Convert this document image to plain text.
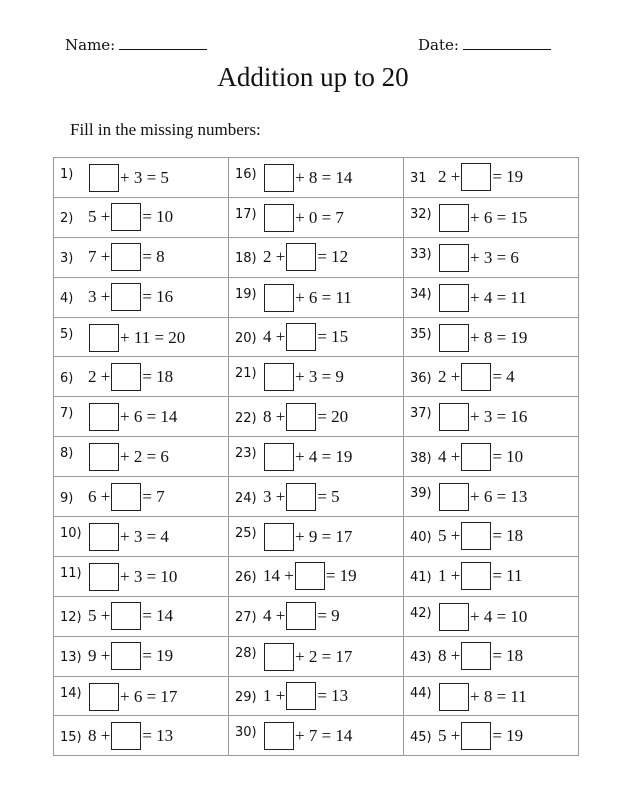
Name:	Date:
Addition up to 20
Fill in the missing numbers:
1) + 3 = 5	16) + 8 = 14	31 2 + = 19

2) 5 + = 10	17) + 0 = 7	32) + 6 = 15

3) 7 + = 8	18) 2 + = 12	33) + 3 = 6

4) 3 + = 16	19) + 6 = 11	34) + 4 = 11

5) + 11 = 20	20) 4 + = 15	35) + 8 = 19

6) 2 + = 18	21) + 3 = 9	36) 2 + = 4

7) + 6 = 14	22) 8 + = 20	37) + 3 = 16

8) + 2 = 6	23) + 4 = 19	38) 4 + = 10

9) 6 + = 7	24) 3 + = 5	39) + 6 = 13

10) + 3 = 4	25) + 9 = 17	40) 5 + = 18

11) + 3 = 10	26) 14 + = 19	41) 1 + = 11

12) 5 + = 14	27) 4 + = 9	42) + 4 = 10

13) 9 + = 19	28) + 2 = 17	43) 8 + = 18

14) + 6 = 17	29) 1 + = 13	44) + 8 = 11

15) 8 + = 13	30) + 7 = 14	45) 5 + = 19
